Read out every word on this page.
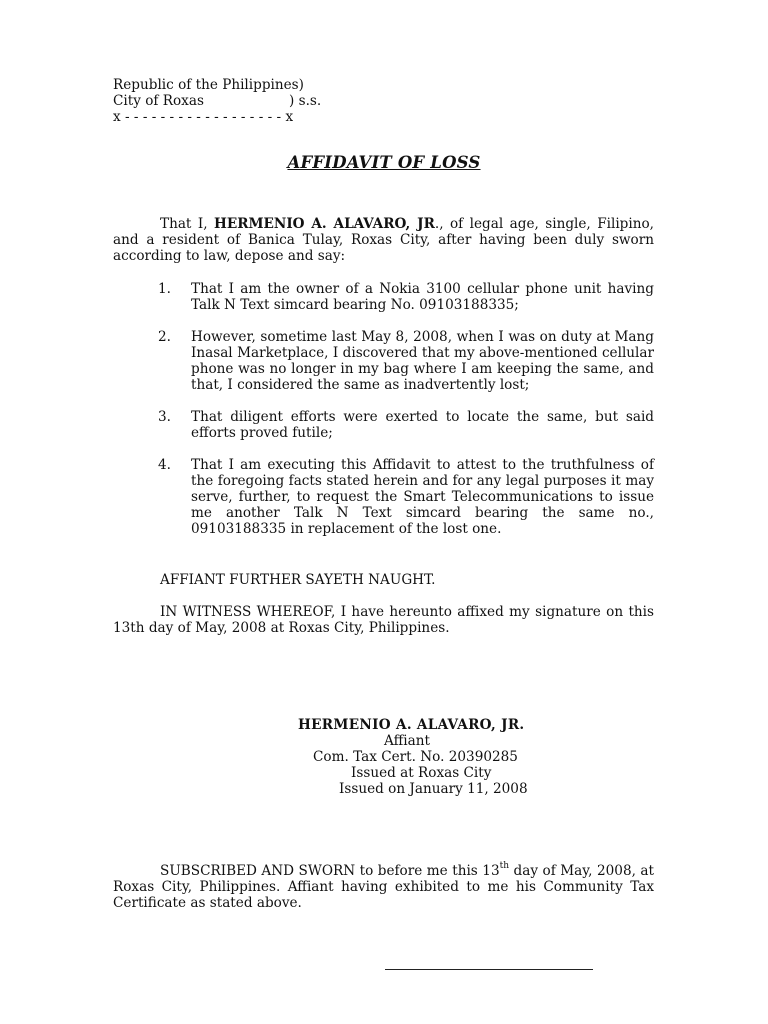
Republic of the Philippines)
City of Roxas	) s.s.
x - - - - - - - - - - - - - - - - - - x
AFFIDAVIT OF LOSS
That I, HERMENIO A. ALAVARO, JR., of legal age, single, Filipino, and a resident of Banica Tulay, Roxas City, after having been duly sworn according to law, depose and say:
1.	That I am the owner of a Nokia 3100 cellular phone unit having Talk N Text simcard bearing No. 09103188335;
2.	However, sometime last May 8, 2008, when I was on duty at Mang Inasal Marketplace, I discovered that my above-mentioned cellular phone was no longer in my bag where I am keeping the same, and that, I considered the same as inadvertently lost;
3.	That diligent efforts were exerted to locate the same, but said efforts proved futile;
4.	That I am executing this Affidavit to attest to the truthfulness of the foregoing facts stated herein and for any legal purposes it may serve, further, to request the Smart Telecommunications to issue me another Talk N Text simcard bearing the same no., 09103188335 in replacement of the lost one.
AFFIANT FURTHER SAYETH NAUGHT.
IN WITNESS WHEREOF, I have hereunto affixed my signature on this 13th day of May, 2008 at Roxas City, Philippines.
HERMENIO A. ALAVARO, JR.
Affiant
Com. Tax Cert. No. 20390285
Issued at Roxas City
Issued on January 11, 2008
SUBSCRIBED AND SWORN to before me this 13th day of May, 2008, at Roxas City, Philippines. Affiant having exhibited to me his Community Tax Certificate as stated above.
